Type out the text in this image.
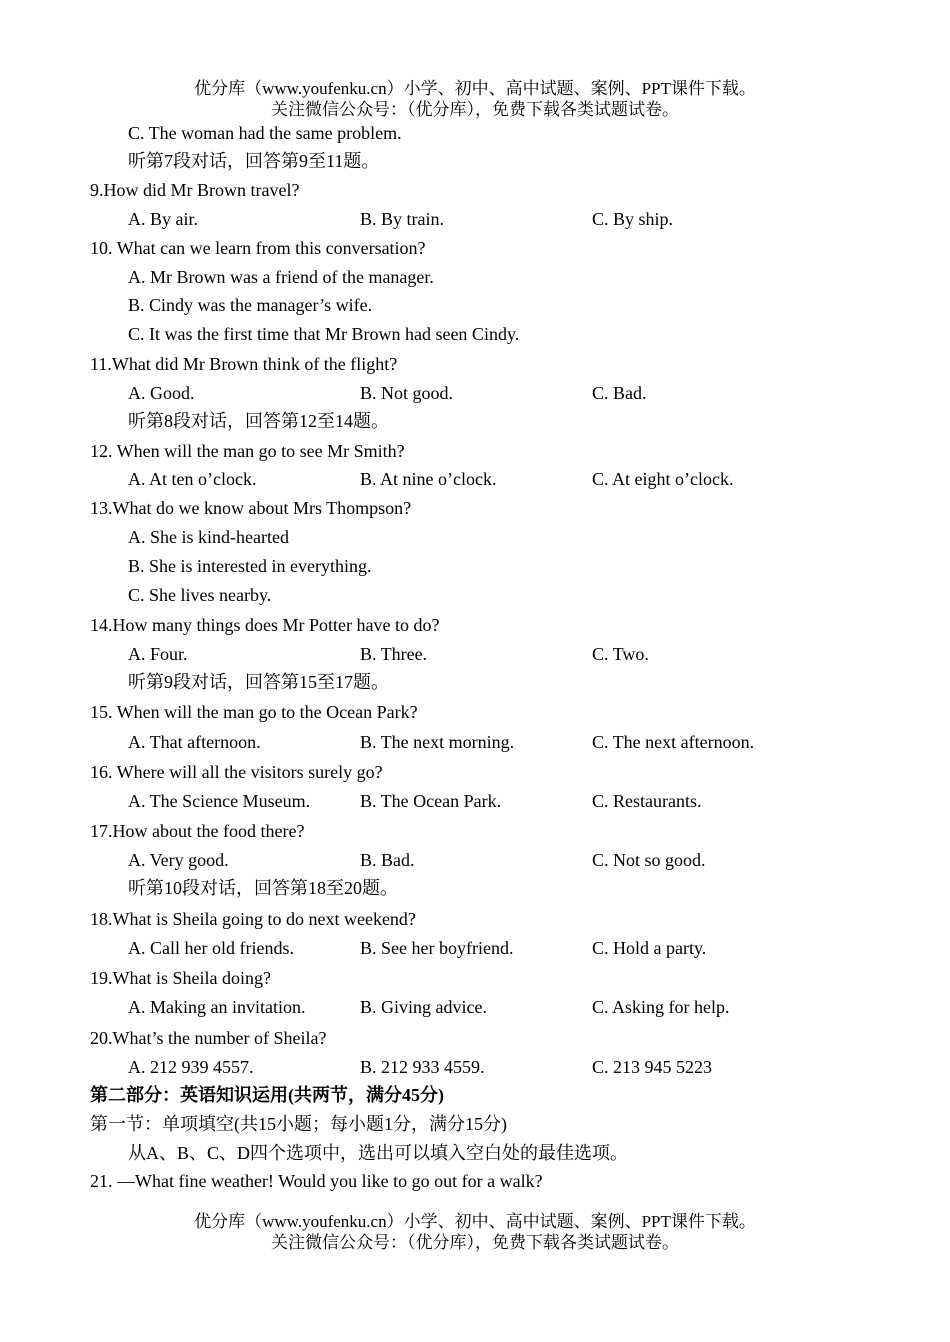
优分库（www.youfenku.cn）小学、初中、高中试题、案例、PPT课件下载。
关注微信公众号：（优分库），免费下载各类试题试卷。
C. The woman had the same problem.
听第7段对话，回答第9至11题。
9.How did Mr Brown travel?
A. By air.	B. By train.	C. By ship.
10. What can we learn from this conversation?
A. Mr Brown was a friend of the manager.
B. Cindy was the manager’s wife.
C. It was the first time that Mr Brown had seen Cindy.
11.What did Mr Brown think of the flight?
A. Good.	B. Not good.	C. Bad.
听第8段对话，回答第12至14题。
12. When will the man go to see Mr Smith?
A. At ten o’clock.	B. At nine o’clock.	C. At eight o’clock.
13.What do we know about Mrs Thompson?
A. She is kind-hearted
B. She is interested in everything.
C. She lives nearby.
14.How many things does Mr Potter have to do?
A. Four.	B. Three.	C. Two.
听第9段对话，回答第15至17题。
15. When will the man go to the Ocean Park?
A. That afternoon.	B. The next morning.	C. The next afternoon.
16. Where will all the visitors surely go?
A. The Science Museum.	B. The Ocean Park.	C. Restaurants.
17.How about the food there?
A. Very good.	B. Bad.	C. Not so good.
听第10段对话，回答第18至20题。
18.What is Sheila going to do next weekend?
A. Call her old friends.	B. See her boyfriend.	C. Hold a party.
19.What is Sheila doing?
A. Making an invitation.	B. Giving advice.	C. Asking for help.
20.What’s the number of Sheila?
A. 212 939 4557.	B. 212 933 4559.	C. 213 945 5223
第二部分：英语知识运用(共两节，满分45分)
第一节：单项填空(共15小题；每小题1分，满分15分)
从A、B、C、D四个选项中，选出可以填入空白处的最佳选项。
21. —What fine weather! Would you like to go out for a walk?
优分库（www.youfenku.cn）小学、初中、高中试题、案例、PPT课件下载。
关注微信公众号：（优分库），免费下载各类试题试卷。
